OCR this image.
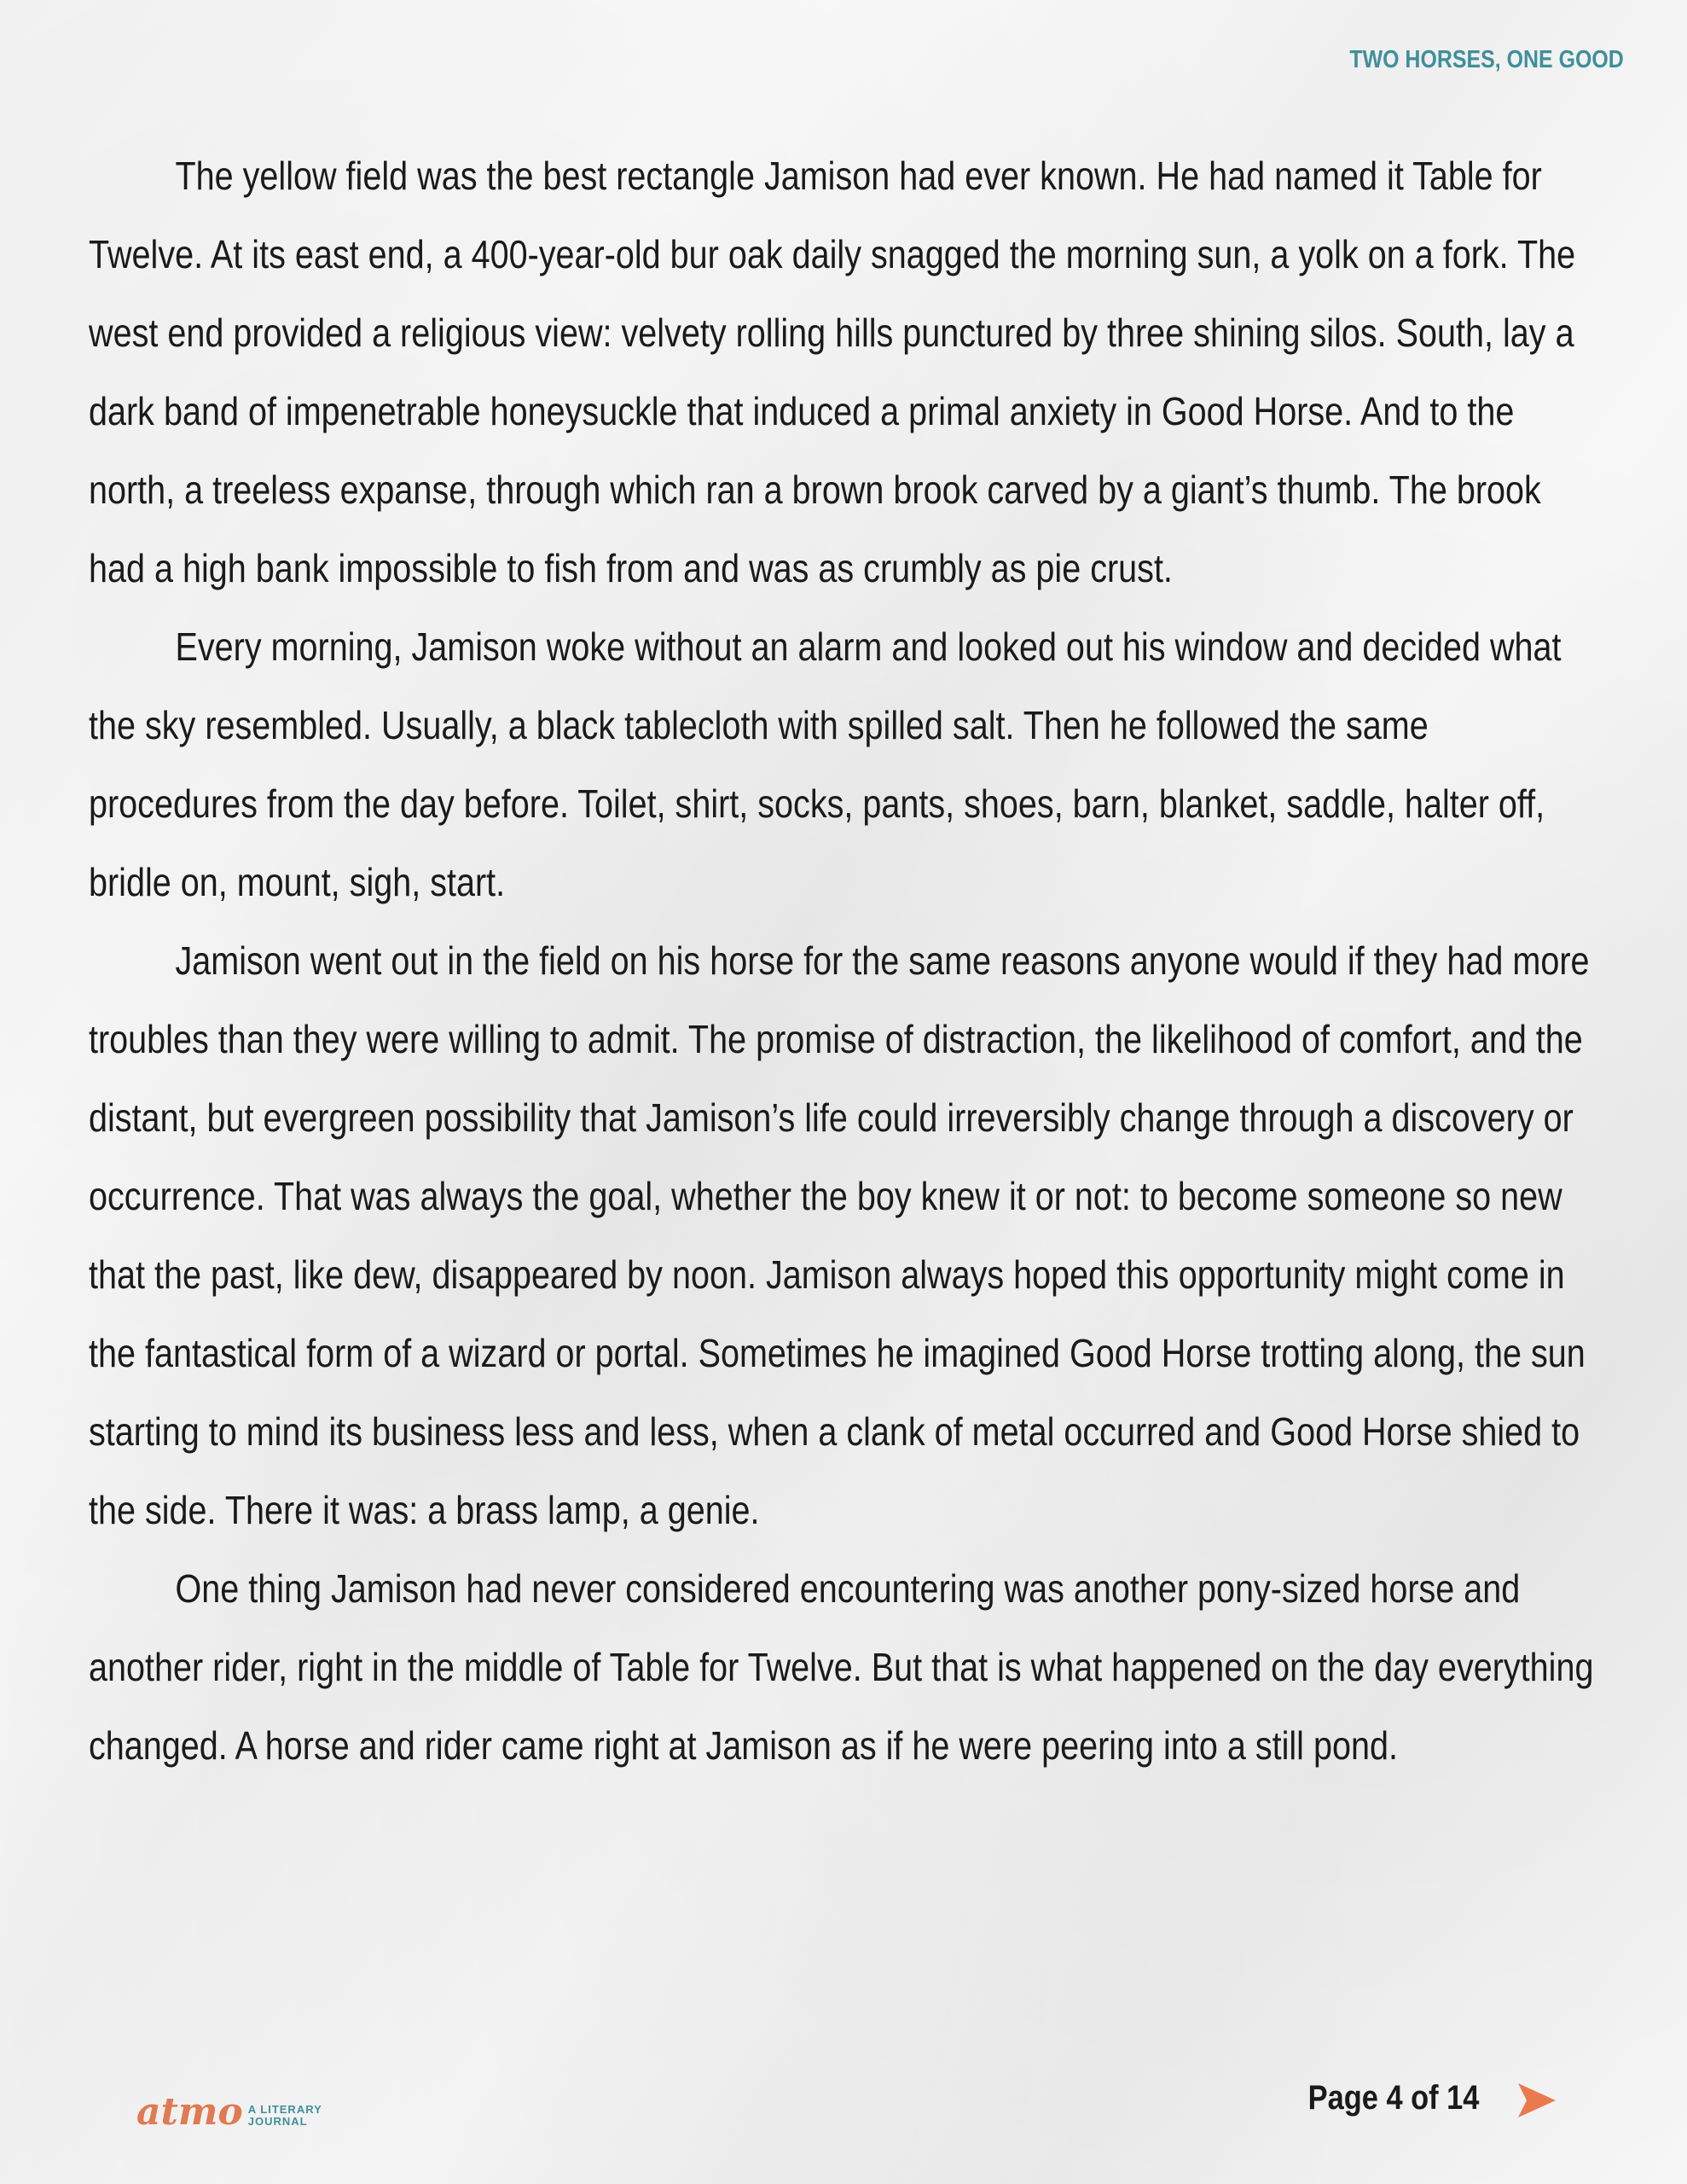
TWO HORSES, ONE GOOD

The yellow field was the best rectangle Jamison had ever known. He had named it Table for Twelve. At its east end, a 400-year-old bur oak daily snagged the morning sun, a yolk on a fork. The west end provided a religious view: velvety rolling hills punctured by three shining silos. South, lay a dark band of impenetrable honeysuckle that induced a primal anxiety in Good Horse. And to the north, a treeless expanse, through which ran a brown brook carved by a giant’s thumb. The brook had a high bank impossible to fish from and was as crumbly as pie crust.

Every morning, Jamison woke without an alarm and looked out his window and decided what the sky resembled. Usually, a black tablecloth with spilled salt. Then he followed the same procedures from the day before. Toilet, shirt, socks, pants, shoes, barn, blanket, saddle, halter off, bridle on, mount, sigh, start.

Jamison went out in the field on his horse for the same reasons anyone would if they had more troubles than they were willing to admit. The promise of distraction, the likelihood of comfort, and the distant, but evergreen possibility that Jamison’s life could irreversibly change through a discovery or occurrence. That was always the goal, whether the boy knew it or not: to become someone so new that the past, like dew, disappeared by noon. Jamison always hoped this opportunity might come in the fantastical form of a wizard or portal. Sometimes he imagined Good Horse trotting along, the sun starting to mind its business less and less, when a clank of metal occurred and Good Horse shied to the side. There it was: a brass lamp, a genie.

One thing Jamison had never considered encountering was another pony-sized horse and another rider, right in the middle of Table for Twelve. But that is what happened on the day everything changed. A horse and rider came right at Jamison as if he were peering into a still pond.

atmo A LITERARY
JOURNAL
Page 4 of 14
